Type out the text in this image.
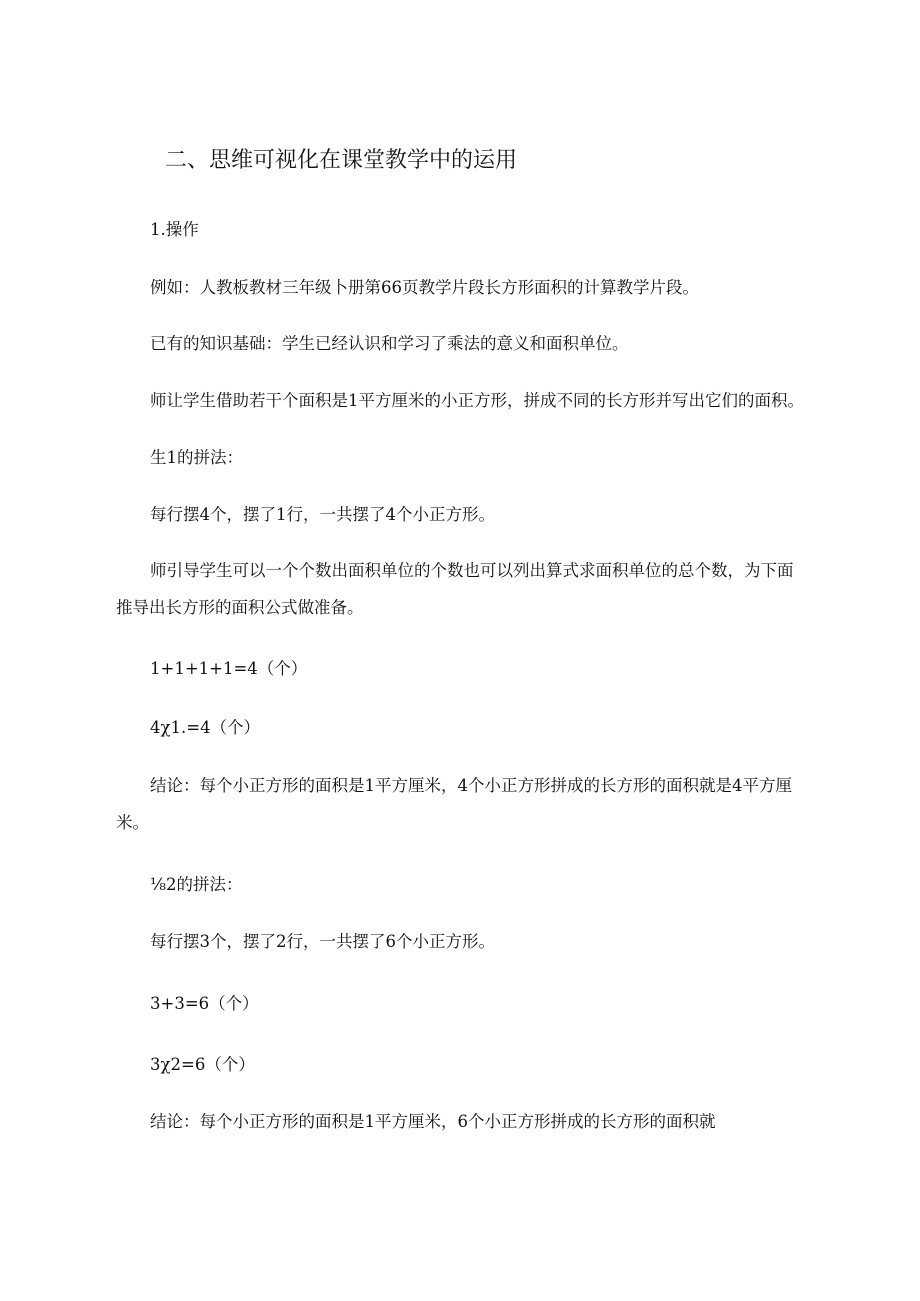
二、思维可视化在课堂教学中的运用
1.操作
例如：人教板教材三年级卜册第66页教学片段长方形面积的计算教学片段。
已有的知识基础：学生已经认识和学习了乘法的意义和面积单位。
师让学生借助若干个面积是1平方厘米的小正方形，拼成不同的长方形并写出它们的面积。
生1的拼法：
每行摆4个，摆了1行，一共摆了4个小正方形。
师引导学生可以一个个数出面积单位的个数也可以列出算式求面积单位的总个数，为下面
推导出长方形的面积公式做准备。
1+1+1+1=4（个）
4χ1.=4（个）
结论：每个小正方形的面积是1平方厘米，4个小正方形拼成的长方形的面积就是4平方厘
米。
⅛2的拼法：
每行摆3个，摆了2行，一共摆了6个小正方形。
3+3=6（个）
3χ2=6（个）
结论：每个小正方形的面积是1平方厘米，6个小正方形拼成的长方形的面积就
